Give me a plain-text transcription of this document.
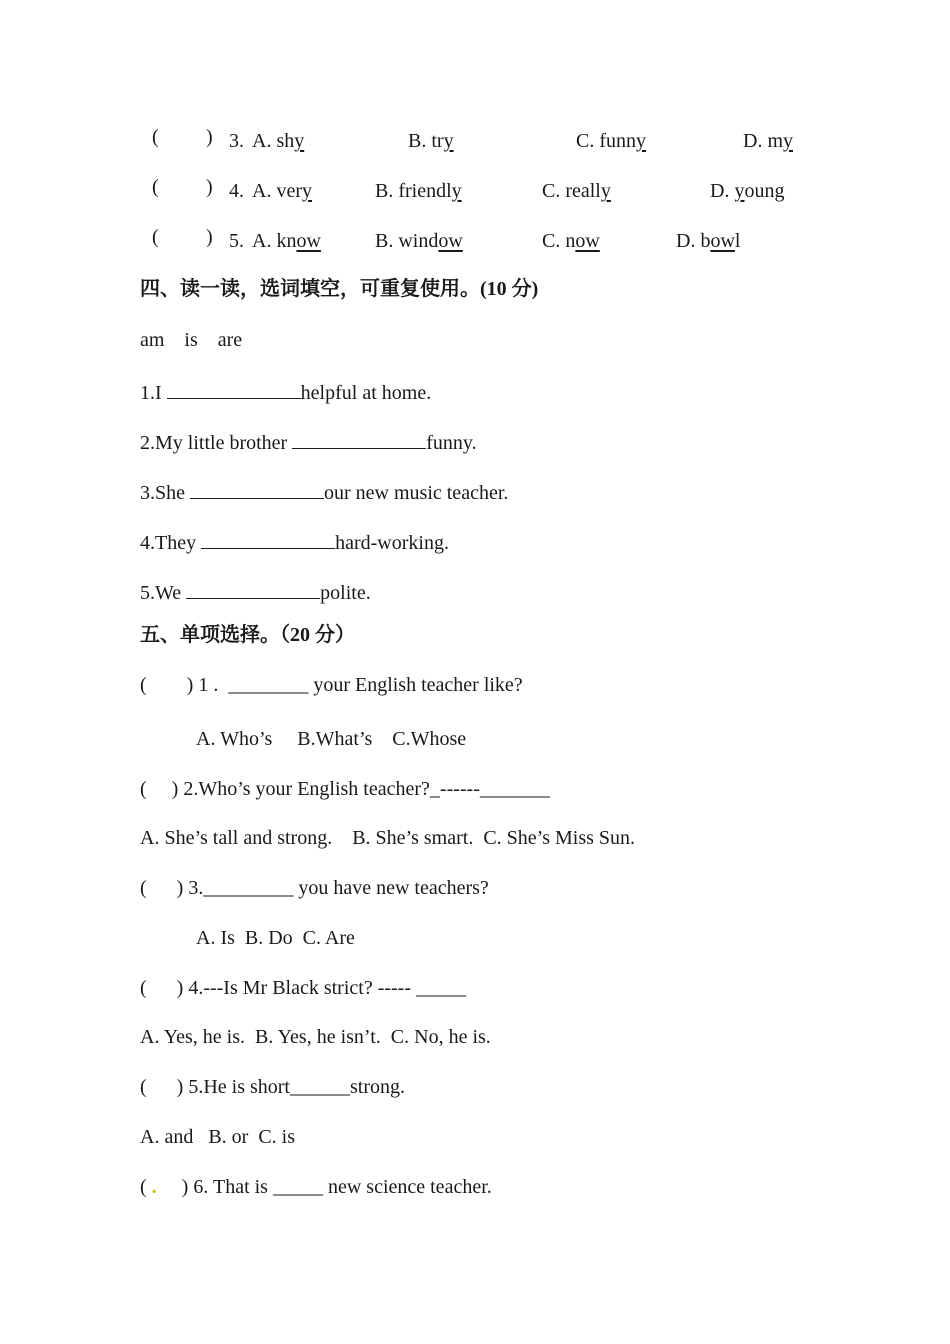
( ) 3. A. shy	B. try	C. funny	D. my
( ) 4. A. very	B. friendly	C. really	D. young
( ) 5. A. know	B. window	C. now	D. bowl
四、读一读，选词填空，可重复使用。(10 分)
am    is    are
1.I	helpful at home.
2.My little brother	funny.
3.She	our new music teacher.
4.They	hard-working.
5.We	polite.
五、单项选择。（20 分）
(        ) 1 .  ________ your English teacher like?
A. Who’s     B.What’s    C.Whose
(     ) 2.Who’s your English teacher?_------_______
A. She’s tall and strong.    B. She’s smart.  C. She’s Miss Sun.
(      ) 3._________ you have new teachers?
A. Is  B. Do  C. Are
(      ) 4.---Is Mr Black strict? ----- _____
A. Yes, he is.  B. Yes, he isn’t.  C. No, he is.
(      ) 5.He is short______strong.
A. and   B. or  C. is
( .     ) 6. That is _____ new science teacher.
